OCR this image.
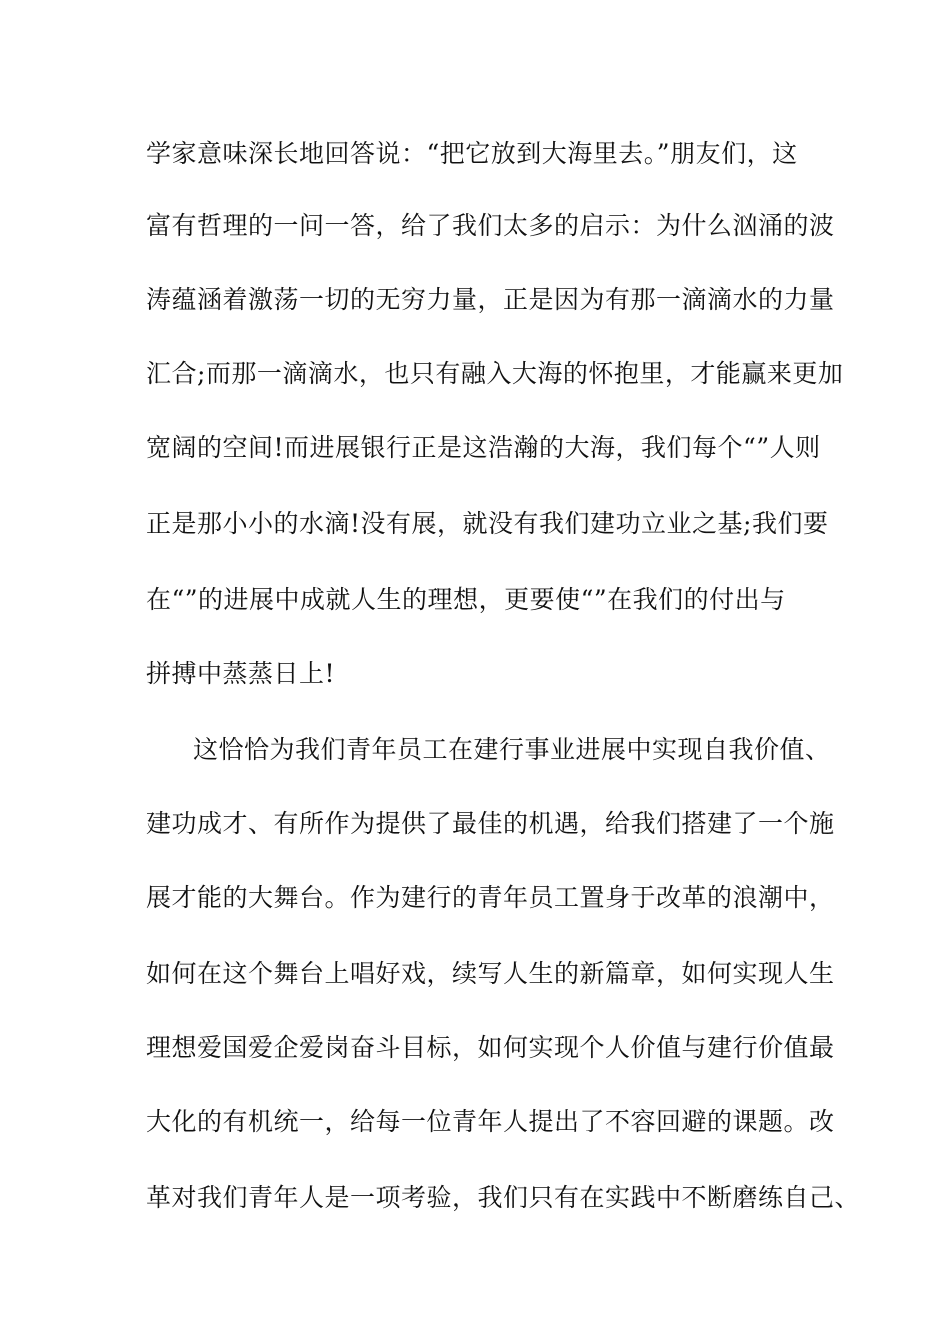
学家意味深长地回答说：“把它放到大海里去。”朋友们，这
富有哲理的一问一答，给了我们太多的启示：为什么汹涌的波
涛蕴涵着激荡一切的无穷力量，正是因为有那一滴滴水的力量
汇合;而那一滴滴水，也只有融入大海的怀抱里，才能赢来更加
宽阔的空间!而进展银行正是这浩瀚的大海，我们每个“”人则
正是那小小的水滴!没有展，就没有我们建功立业之基;我们要
在“”的进展中成就人生的理想，更要使“”在我们的付出与
拼搏中蒸蒸日上!
这恰恰为我们青年员工在建行事业进展中实现自我价值、
建功成才、有所作为提供了最佳的机遇，给我们搭建了一个施
展才能的大舞台。作为建行的青年员工置身于改革的浪潮中，
如何在这个舞台上唱好戏，续写人生的新篇章，如何实现人生
理想爱国爱企爱岗奋斗目标，如何实现个人价值与建行价值最
大化的有机统一，给每一位青年人提出了不容回避的课题。改
革对我们青年人是一项考验，我们只有在实践中不断磨练自己、
